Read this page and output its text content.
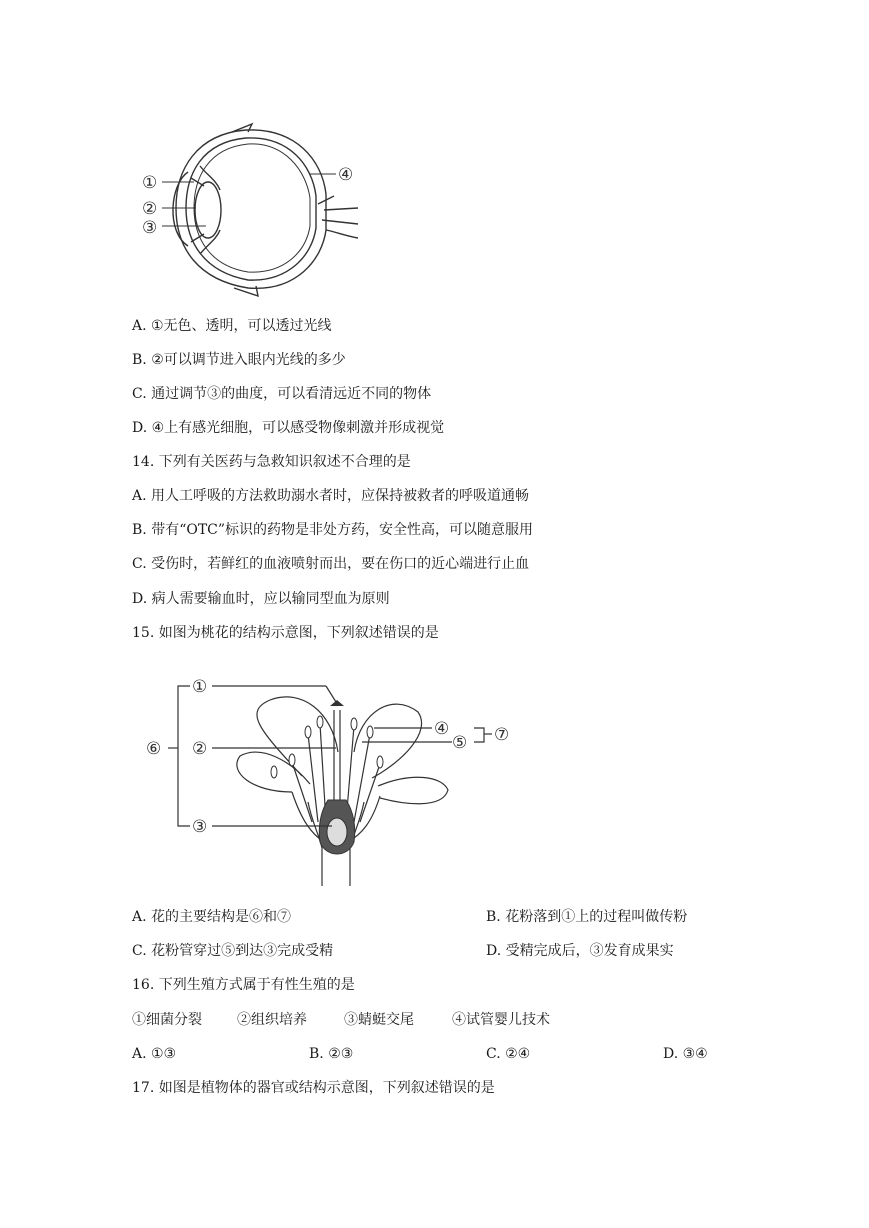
①
②
③
④
A. ①无色、透明，可以透过光线
B. ②可以调节进入眼内光线的多少
C. 通过调节③的曲度，可以看清远近不同的物体
D. ④上有感光细胞，可以感受物像刺激并形成视觉
14. 下列有关医药与急救知识叙述不合理的是
A. 用人工呼吸的方法救助溺水者时，应保持被救者的呼吸道通畅
B. 带有“OTC”标识的药物是非处方药，安全性高，可以随意服用
C. 受伤时，若鲜红的血液喷射而出，要在伤口的近心端进行止血
D. 病人需要输血时，应以输同型血为原则
15. 如图为桃花的结构示意图，下列叙述错误的是
①
②
③
④
⑤
⑥
⑦
A. 花的主要结构是⑥和⑦	B. 花粉落到①上的过程叫做传粉
C. 花粉管穿过⑤到达③完成受精	D. 受精完成后，③发育成果实
16. 下列生殖方式属于有性生殖的是
①细菌分裂	②组织培养	③蜻蜓交尾	④试管婴儿技术
A. ①③	B. ②③	C. ②④	D. ③④
17. 如图是植物体的器官或结构示意图，下列叙述错误的是
